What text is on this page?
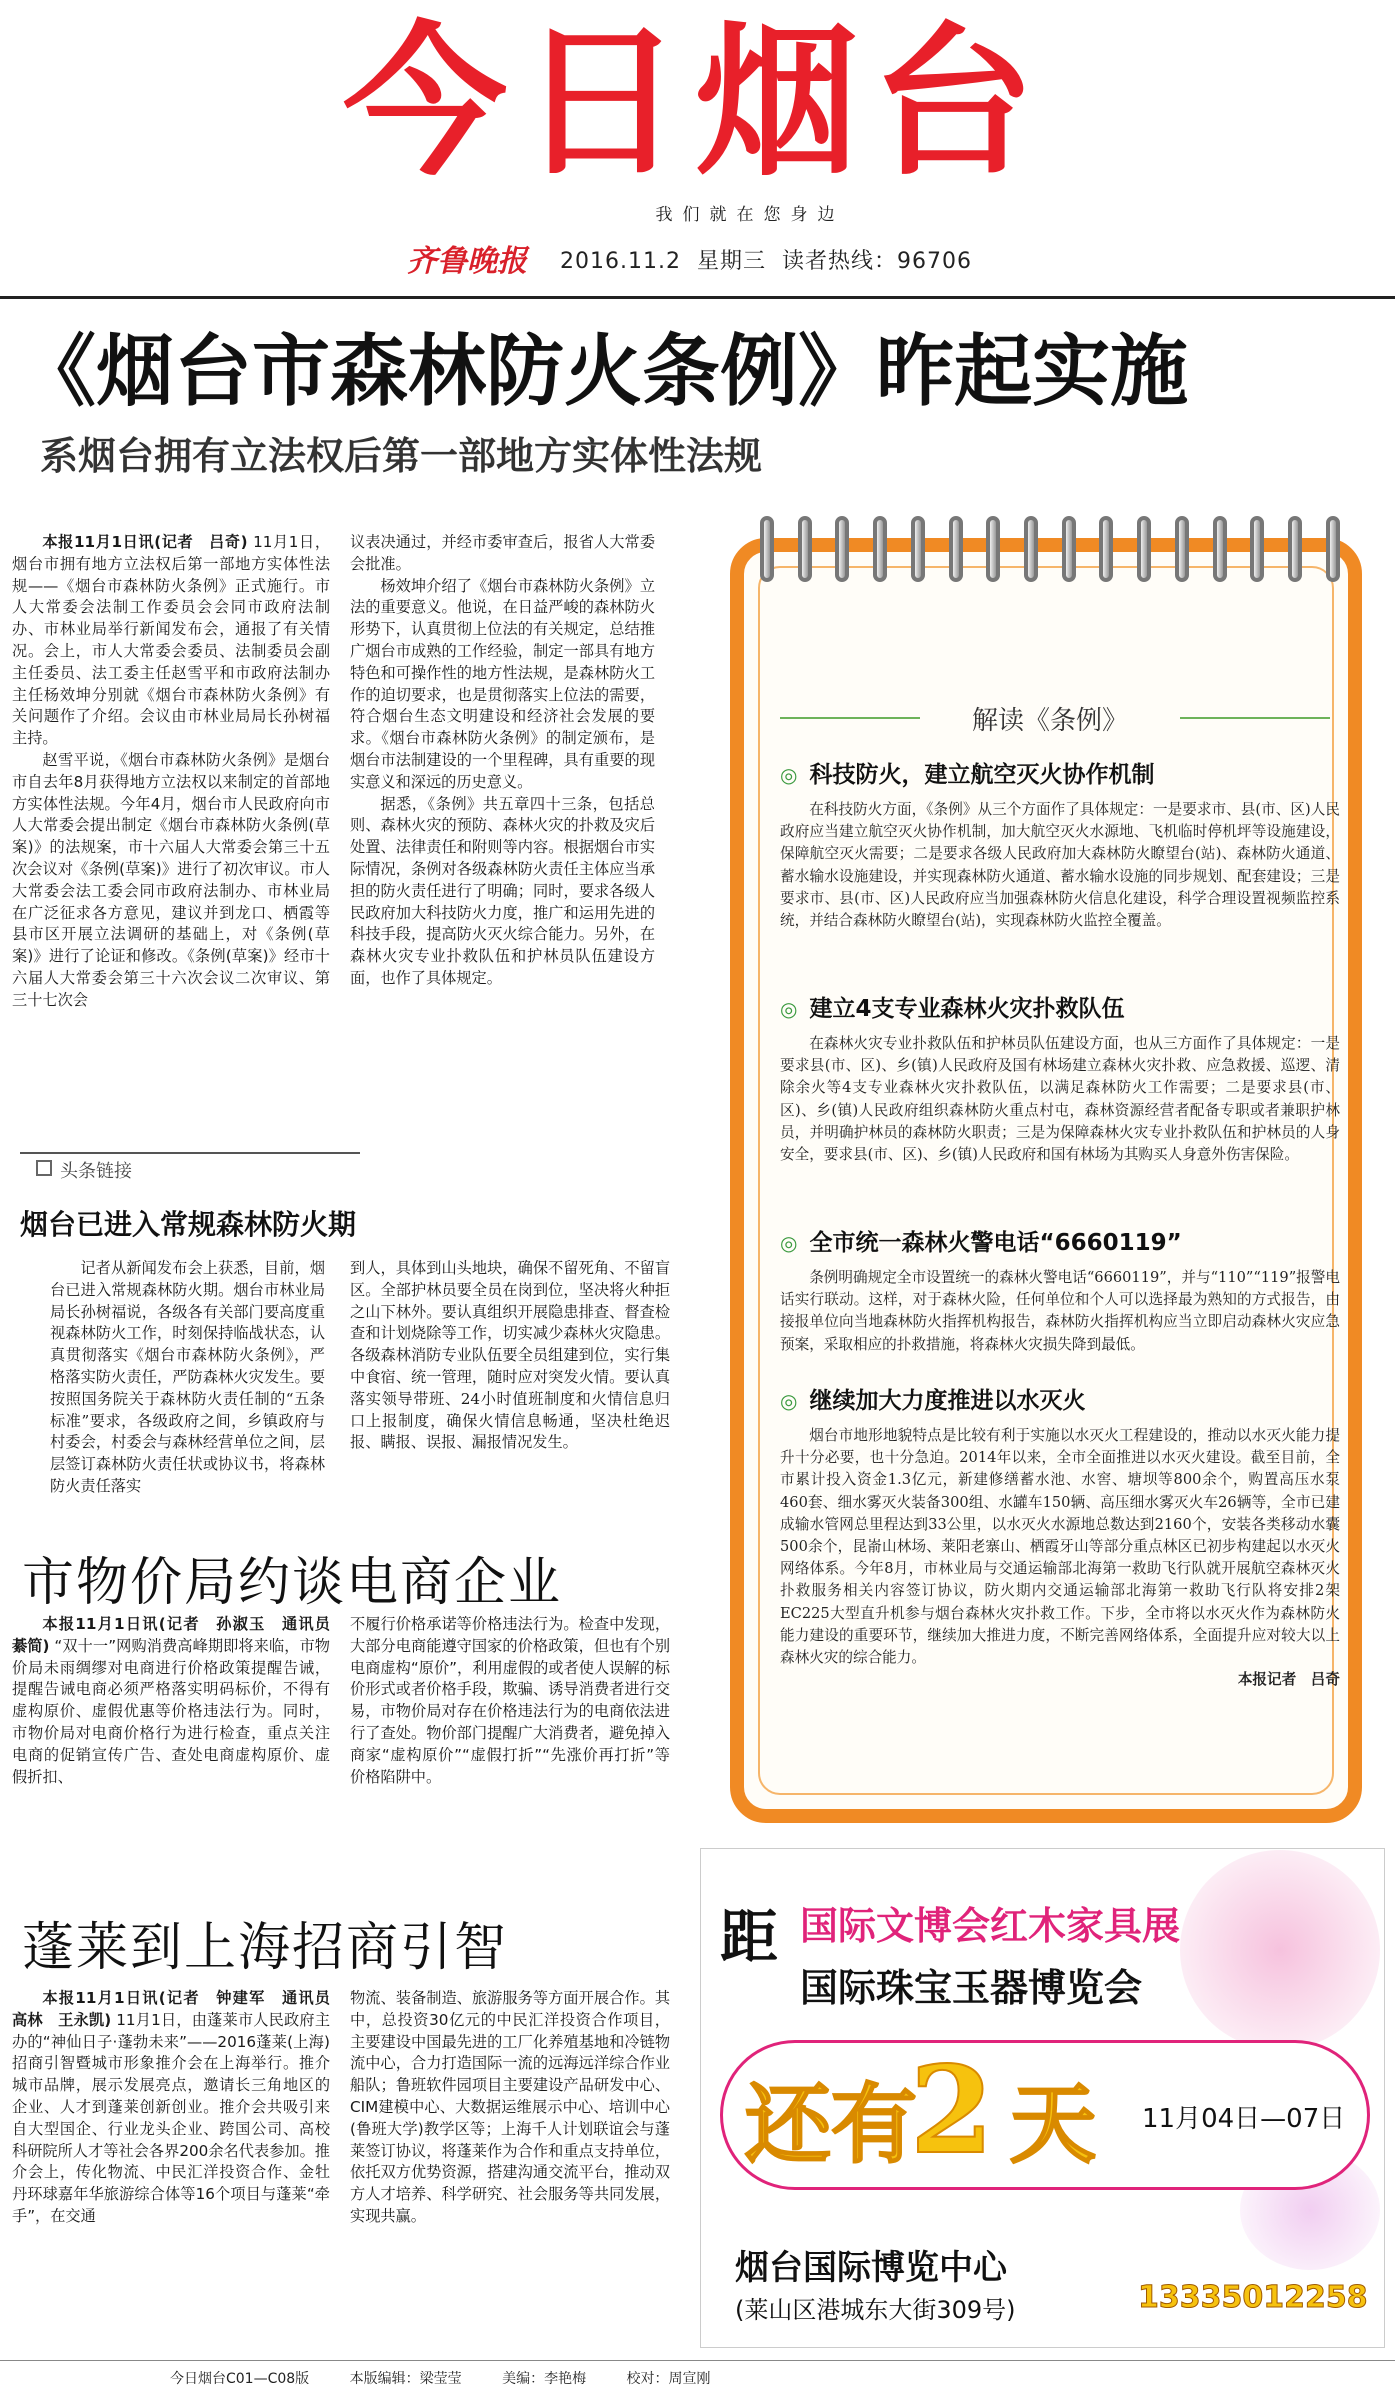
今日烟台
我们就在您身边
齐鲁晚报 2016.11.2 星期三 读者热线：96706
《烟台市森林防火条例》昨起实施
系烟台拥有立法权后第一部地方实体性法规

本报11月1日讯(记者　吕奇) 11月1日，烟台市拥有地方立法权后第一部地方实体性法规——《烟台市森林防火条例》正式施行。市人大常委会法制工作委员会会同市政府法制办、市林业局举行新闻发布会，通报了有关情况。会上，市人大常委会委员、法制委员会副主任委员、法工委主任赵雪平和市政府法制办主任杨效坤分别就《烟台市森林防火条例》有关问题作了介绍。会议由市林业局局长孙树福主持。

赵雪平说，《烟台市森林防火条例》是烟台市自去年8月获得地方立法权以来制定的首部地方实体性法规。今年4月，烟台市人民政府向市人大常委会提出制定《烟台市森林防火条例(草案)》的法规案，市十六届人大常委会第三十五次会议对《条例(草案)》进行了初次审议。市人大常委会法工委会同市政府法制办、市林业局在广泛征求各方意见，建议并到龙口、栖霞等县市区开展立法调研的基础上，对《条例(草案)》进行了论证和修改。《条例(草案)》经市十六届人大常委会第三十六次会议二次审议、第三十七次会

议表决通过，并经市委审查后，报省人大常委会批准。

杨效坤介绍了《烟台市森林防火条例》立法的重要意义。他说，在日益严峻的森林防火形势下，认真贯彻上位法的有关规定，总结推广烟台市成熟的工作经验，制定一部具有地方特色和可操作性的地方性法规，是森林防火工作的迫切要求，也是贯彻落实上位法的需要，符合烟台生态文明建设和经济社会发展的要求。《烟台市森林防火条例》的制定颁布，是烟台市法制建设的一个里程碑，具有重要的现实意义和深远的历史意义。

据悉，《条例》共五章四十三条，包括总则、森林火灾的预防、森林火灾的扑救及灾后处置、法律责任和附则等内容。根据烟台市实际情况，条例对各级森林防火责任主体应当承担的防火责任进行了明确；同时，要求各级人民政府加大科技防火力度，推广和运用先进的科技手段，提高防火灭火综合能力。另外，在森林火灾专业扑救队伍和护林员队伍建设方面，也作了具体规定。

解读《条例》
◎ 科技防火，建立航空灭火协作机制

在科技防火方面，《条例》从三个方面作了具体规定：一是要求市、县(市、区)人民政府应当建立航空灭火协作机制，加大航空灭火水源地、飞机临时停机坪等设施建设，保障航空灭火需要；二是要求各级人民政府加大森林防火瞭望台(站)、森林防火通道、蓄水输水设施建设，并实现森林防火通道、蓄水输水设施的同步规划、配套建设；三是要求市、县(市、区)人民政府应当加强森林防火信息化建设，科学合理设置视频监控系统，并结合森林防火瞭望台(站)，实现森林防火监控全覆盖。

◎ 建立4支专业森林火灾扑救队伍

在森林火灾专业扑救队伍和护林员队伍建设方面，也从三方面作了具体规定：一是要求县(市、区)、乡(镇)人民政府及国有林场建立森林火灾扑救、应急救援、巡逻、清除余火等4支专业森林火灾扑救队伍，以满足森林防火工作需要；二是要求县(市、区)、乡(镇)人民政府组织森林防火重点村屯，森林资源经营者配备专职或者兼职护林员，并明确护林员的森林防火职责；三是为保障森林火灾专业扑救队伍和护林员的人身安全，要求县(市、区)、乡(镇)人民政府和国有林场为其购买人身意外伤害保险。

◎ 全市统一森林火警电话“6660119”

条例明确规定全市设置统一的森林火警电话“6660119”，并与“110”“119”报警电话实行联动。这样，对于森林火险，任何单位和个人可以选择最为熟知的方式报告，由接报单位向当地森林防火指挥机构报告，森林防火指挥机构应当立即启动森林火灾应急预案，采取相应的扑救措施，将森林火灾损失降到最低。

◎ 继续加大力度推进以水灭火

烟台市地形地貌特点是比较有利于实施以水灭火工程建设的，推动以水灭火能力提升十分必要，也十分急迫。2014年以来，全市全面推进以水灭火建设。截至目前，全市累计投入资金1.3亿元，新建修缮蓄水池、水窖、塘坝等800余个，购置高压水泵460套、细水雾灭火装备300组、水罐车150辆、高压细水雾灭火车26辆等，全市已建成输水管网总里程达到33公里，以水灭火水源地总数达到2160个，安装各类移动水囊500余个，昆嵛山林场、莱阳老寨山、栖霞牙山等部分重点林区已初步构建起以水灭火网络体系。今年8月，市林业局与交通运输部北海第一救助飞行队就开展航空森林灭火扑救服务相关内容签订协议，防火期内交通运输部北海第一救助飞行队将安排2架EC225大型直升机参与烟台森林火灾扑救工作。下步，全市将以水灭火作为森林防火能力建设的重要环节，继续加大推进力度，不断完善网络体系，全面提升应对较大以上森林火灾的综合能力。

本报记者　吕奇
头条链接
烟台已进入常规森林防火期

记者从新闻发布会上获悉，目前，烟台已进入常规森林防火期。烟台市林业局局长孙树福说，各级各有关部门要高度重视森林防火工作，时刻保持临战状态，认真贯彻落实《烟台市森林防火条例》，严格落实防火责任，严防森林火灾发生。要按照国务院关于森林防火责任制的“五条标准”要求，各级政府之间，乡镇政府与村委会，村委会与森林经营单位之间，层层签订森林防火责任状或协议书，将森林防火责任落实

到人，具体到山头地块，确保不留死角、不留盲区。全部护林员要全员在岗到位，坚决将火种拒之山下林外。要认真组织开展隐患排查、督查检查和计划烧除等工作，切实减少森林火灾隐患。各级森林消防专业队伍要全员组建到位，实行集中食宿、统一管理，随时应对突发火情。要认真落实领导带班、24小时值班制度和火情信息归口上报制度，确保火情信息畅通，坚决杜绝迟报、瞒报、误报、漏报情况发生。

市物价局约谈电商企业

本报11月1日讯(记者　孙淑玉　通讯员　綦简) “双十一”网购消费高峰期即将来临，市物价局未雨绸缪对电商进行价格政策提醒告诫，提醒告诫电商必须严格落实明码标价，不得有虚构原价、虚假优惠等价格违法行为。同时，市物价局对电商价格行为进行检查，重点关注电商的促销宣传广告、查处电商虚构原价、虚假折扣、

不履行价格承诺等价格违法行为。检查中发现，大部分电商能遵守国家的价格政策，但也有个别电商虚构“原价”，利用虚假的或者使人误解的标价形式或者价格手段，欺骗、诱导消费者进行交易，市物价局对存在价格违法行为的电商依法进行了查处。物价部门提醒广大消费者，避免掉入商家“虚构原价”“虚假打折”“先涨价再打折”等价格陷阱中。

蓬莱到上海招商引智

本报11月1日讯(记者　钟建军　通讯员　高林　王永凯) 11月1日，由蓬莱市人民政府主办的“神仙日子·蓬勃未来”——2016蓬莱(上海)招商引智暨城市形象推介会在上海举行。推介城市品牌，展示发展亮点，邀请长三角地区的企业、人才到蓬莱创新创业。推介会共吸引来自大型国企、行业龙头企业、跨国公司、高校科研院所人才等社会各界200余名代表参加。推介会上，传化物流、中民汇洋投资合作、金牡丹环球嘉年华旅游综合体等16个项目与蓬莱“牵手”，在交通

物流、装备制造、旅游服务等方面开展合作。其中，总投资30亿元的中民汇洋投资合作项目，主要建设中国最先进的工厂化养殖基地和冷链物流中心，合力打造国际一流的远海远洋综合作业船队；鲁班软件园项目主要建设产品研发中心、CIM建模中心、大数据运维展示中心、培训中心(鲁班大学)教学区等；上海千人计划联谊会与蓬莱签订协议，将蓬莱作为合作和重点支持单位，依托双方优势资源，搭建沟通交流平台，推动双方人才培养、科学研究、社会服务等共同发展，实现共赢。

距 国际文博会红木家具展
国际珠宝玉器博览会
还有
2 天 11月04日—07日
烟台国际博览中心
(莱山区港城东大街309号)	13335012258
今日烟台C01—C08版	本版编辑：梁莹莹	美编：李艳梅	校对：周宣刚
